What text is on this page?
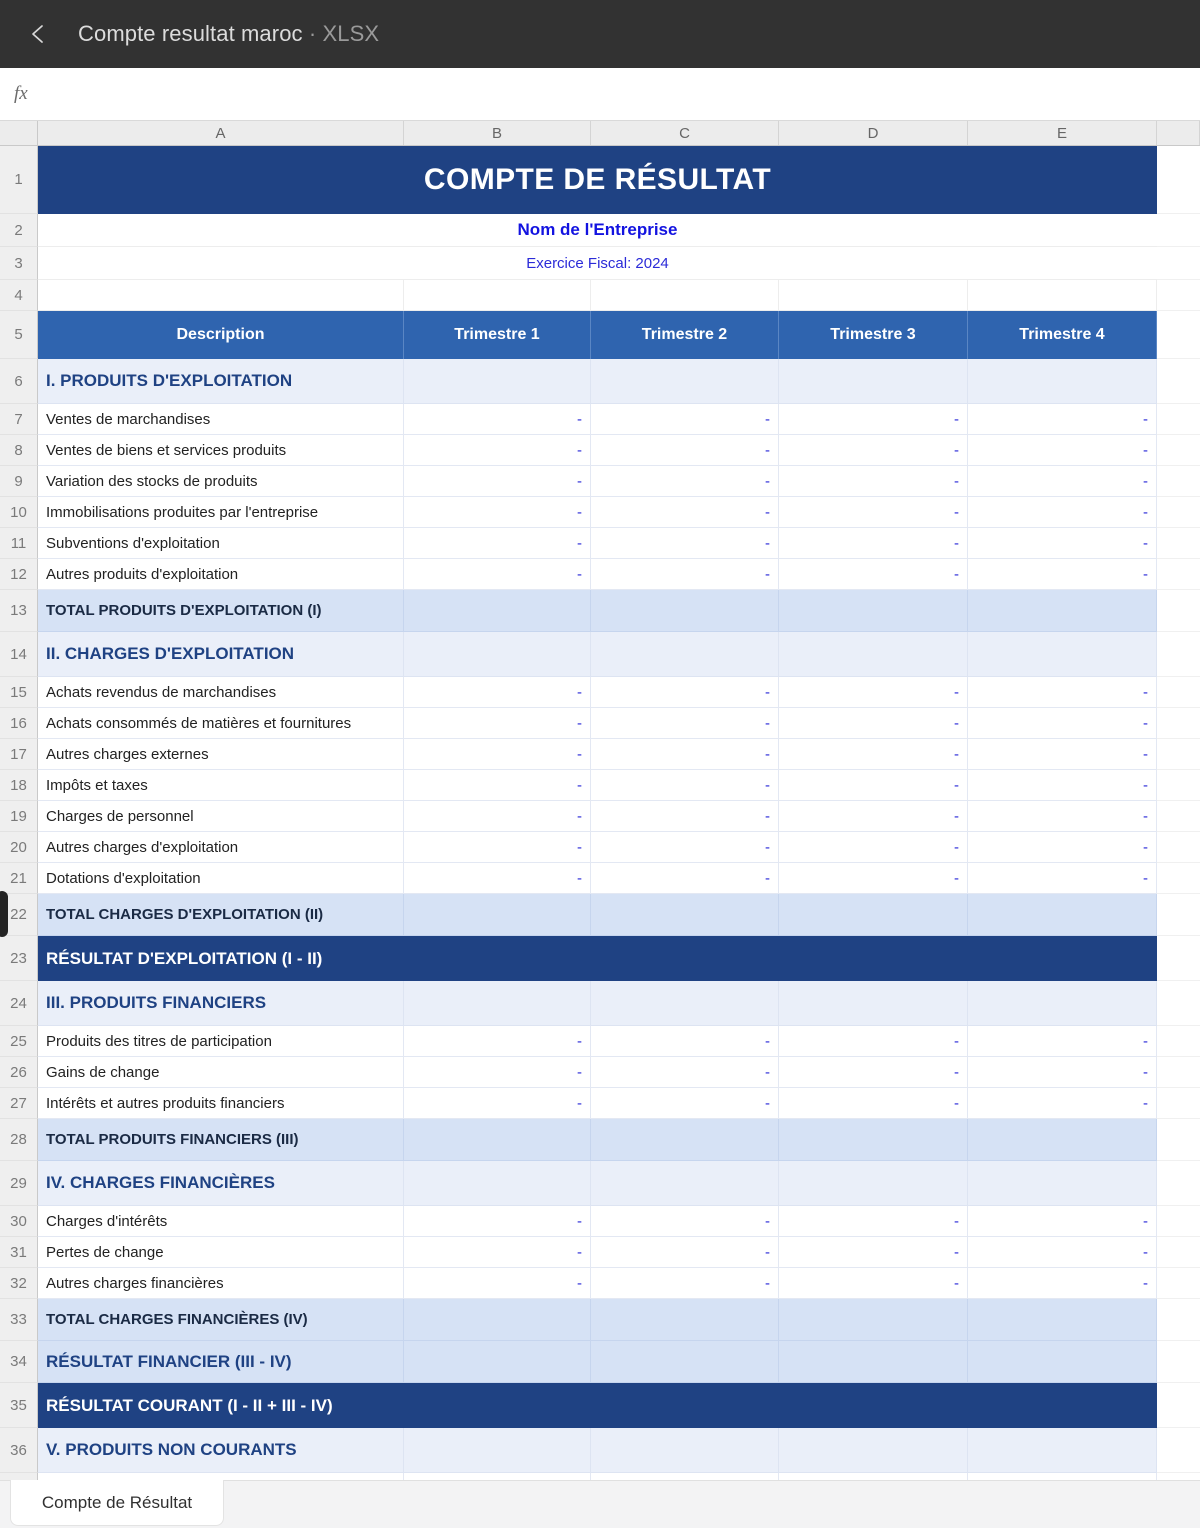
Compte resultat maroc · XLSX
fx
A	B	C	D	E
1	COMPTE DE RÉSULTAT
2	Nom de l'Entreprise
3	Exercice Fiscal: 2024
4
5	Description	Trimestre 1	Trimestre 2	Trimestre 3	Trimestre 4
6	I. PRODUITS D'EXPLOITATION
7	Ventes de marchandises	-	-	-	-
8	Ventes de biens et services produits	-	-	-	-
9	Variation des stocks de produits	-	-	-	-
10	Immobilisations produites par l'entreprise	-	-	-	-
11	Subventions d'exploitation	-	-	-	-
12	Autres produits d'exploitation	-	-	-	-
13	TOTAL PRODUITS D'EXPLOITATION (I)
14	II. CHARGES D'EXPLOITATION
15	Achats revendus de marchandises	-	-	-	-
16	Achats consommés de matières et fournitures	-	-	-	-
17	Autres charges externes	-	-	-	-
18	Impôts et taxes	-	-	-	-
19	Charges de personnel	-	-	-	-
20	Autres charges d'exploitation	-	-	-	-
21	Dotations d'exploitation	-	-	-	-
22	TOTAL CHARGES D'EXPLOITATION (II)
23	RÉSULTAT D'EXPLOITATION (I - II)
24	III. PRODUITS FINANCIERS
25	Produits des titres de participation	-	-	-	-
26	Gains de change	-	-	-	-
27	Intérêts et autres produits financiers	-	-	-	-
28	TOTAL PRODUITS FINANCIERS (III)
29	IV. CHARGES FINANCIÈRES
30	Charges d'intérêts	-	-	-	-
31	Pertes de change	-	-	-	-
32	Autres charges financières	-	-	-	-
33	TOTAL CHARGES FINANCIÈRES (IV)
34	RÉSULTAT FINANCIER (III - IV)
35	RÉSULTAT COURANT (I - II + III - IV)
36	V. PRODUITS NON COURANTS
Compte de Résultat
